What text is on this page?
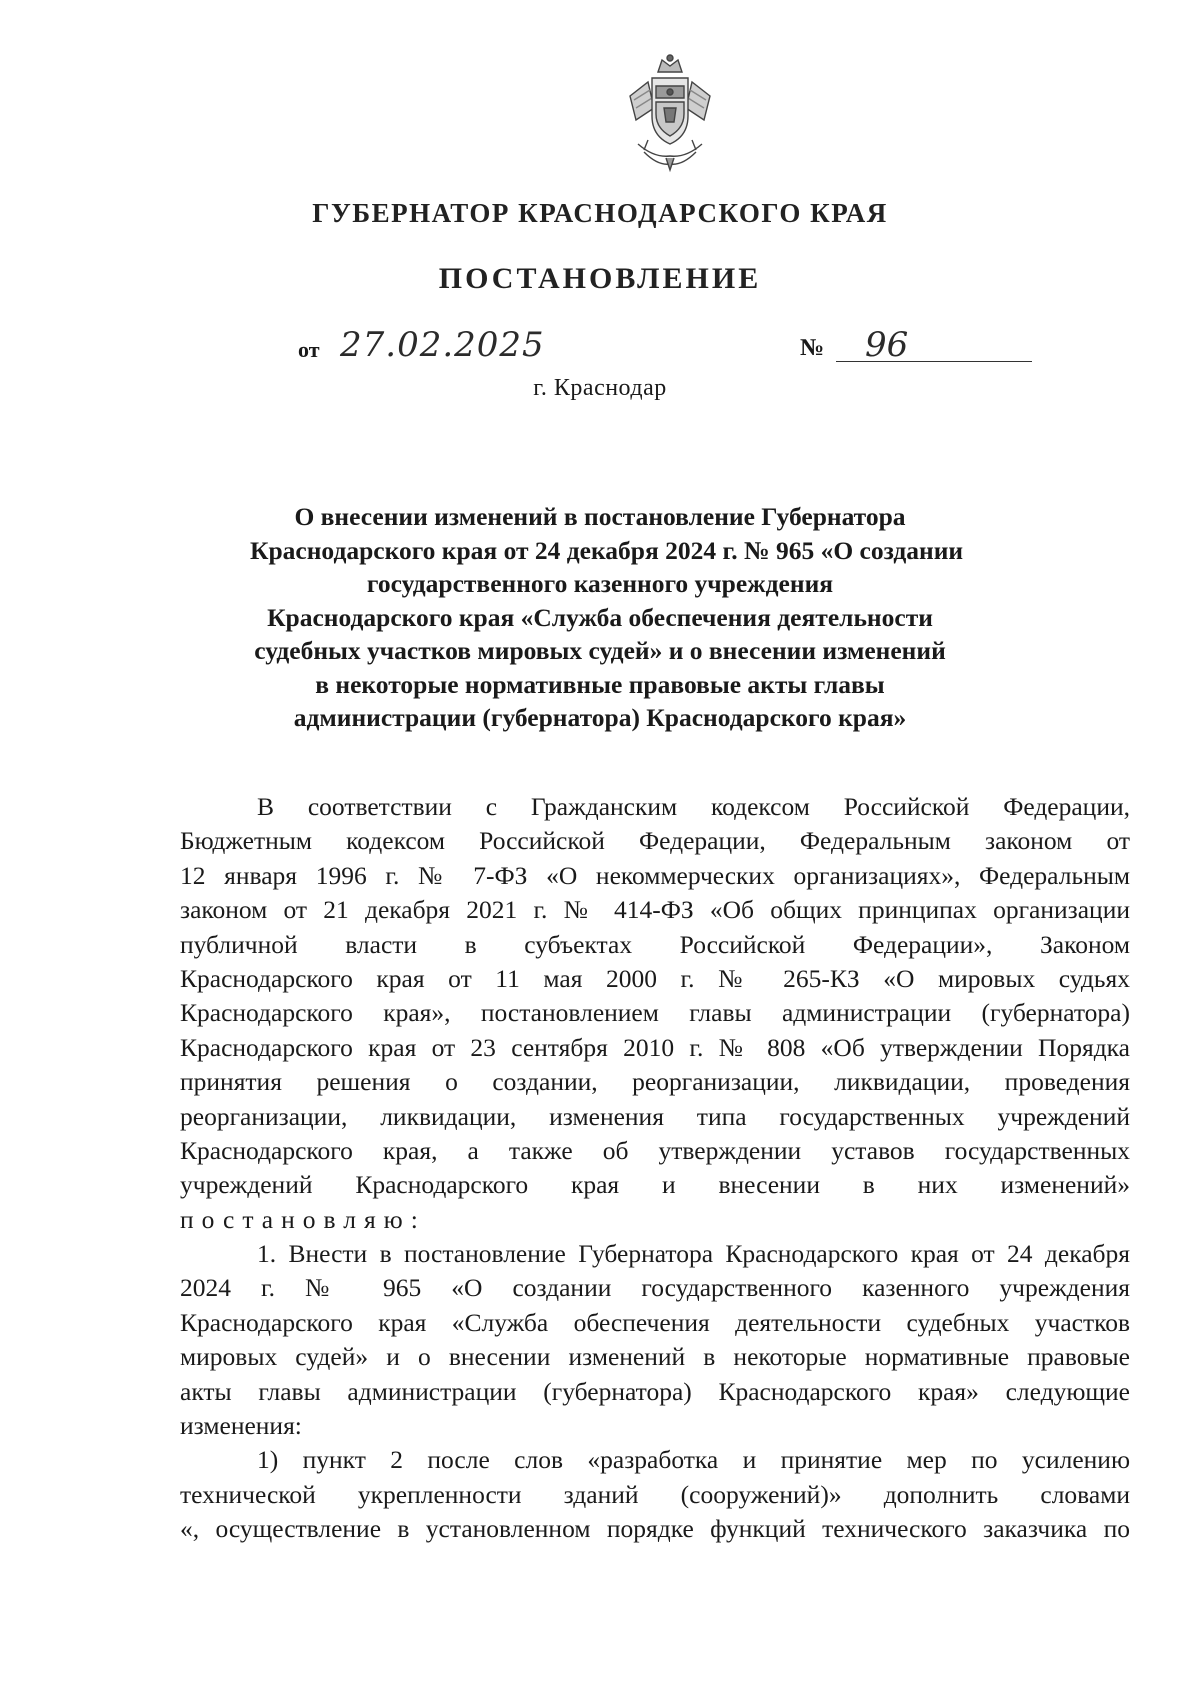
ГУБЕРНАТОР КРАСНОДАРСКОГО КРАЯ
ПОСТАНОВЛЕНИЕ
от 27.02.2025	№ 96
г. Краснодар
О внесении изменений в постановление Губернатора
Краснодарского края от 24 декабря 2024 г. № 965 «О создании
государственного казенного учреждения
Краснодарского края «Служба обеспечения деятельности
судебных участков мировых судей» и о внесении изменений
в некоторые нормативные правовые акты главы
администрации (губернатора) Краснодарского края»
В соответствии с Гражданским кодексом Российской Федерации,
Бюджетным кодексом Российской Федерации, Федеральным законом от
12 января 1996 г. № 7-ФЗ «О некоммерческих организациях», Федеральным
законом от 21 декабря 2021 г. № 414-ФЗ «Об общих принципах организации
публичной власти в субъектах Российской Федерации», Законом
Краснодарского края от 11 мая 2000 г. № 265-КЗ «О мировых судьях
Краснодарского края», постановлением главы администрации (губернатора)
Краснодарского края от 23 сентября 2010 г. № 808 «Об утверждении Порядка
принятия решения о создании, реорганизации, ликвидации, проведения
реорганизации, ликвидации, изменения типа государственных учреждений
Краснодарского края, а также об утверждении уставов государственных
учреждений Краснодарского края и внесении в них изменений»
постановляю:
1. Внести в постановление Губернатора Краснодарского края от 24 декабря
2024 г. № 965 «О создании государственного казенного учреждения
Краснодарского края «Служба обеспечения деятельности судебных участков
мировых судей» и о внесении изменений в некоторые нормативные правовые
акты главы администрации (губернатора) Краснодарского края» следующие
изменения:
1) пункт 2 после слов «разработка и принятие мер по усилению
технической укрепленности зданий (сооружений)» дополнить словами
«, осуществление в установленном порядке функций технического заказчика по
